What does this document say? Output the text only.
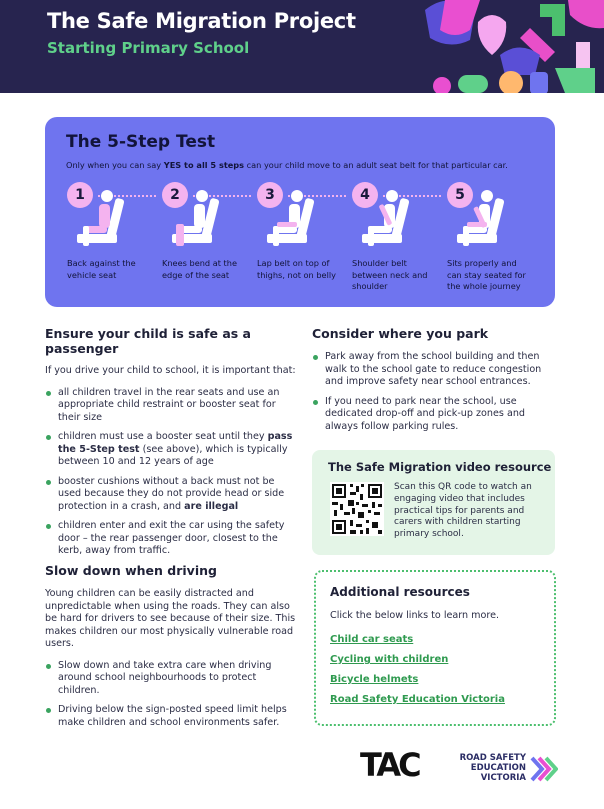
The Safe Migration Project
Starting Primary School
The 5-Step Test
Only when you can say YES to all 5 steps can your child move to an adult seat belt for that particular car.
1
Back against the vehicle seat
2
Knees bend at the edge of the seat
3
Lap belt on top of thighs, not on belly
4
Shoulder belt between neck and shoulder
5
Sits properly and can stay seated for the whole journey
Ensure your child is safe as a passenger

If you drive your child to school, it is important that:

all children travel in the rear seats and use an appropriate child restraint or booster seat for their size
children must use a booster seat until they pass the 5-Step test (see above), which is typically between 10 and 12 years of age
booster cushions without a back must not be used because they do not provide head or side protection in a crash, and are illegal
children enter and exit the car using the safety door – the rear passenger door, closest to the kerb, away from traffic.
Slow down when driving

Young children can be easily distracted and unpredictable when using the roads. They can also be hard for drivers to see because of their size. This makes children our most physically vulnerable road users.

Slow down and take extra care when driving around school neighbourhoods to protect children.
Driving below the sign-posted speed limit helps make children and school environments safer.
Consider where you park
Park away from the school building and then walk to the school gate to reduce congestion and improve safety near school entrances.
If you need to park near the school, use dedicated drop-off and pick-up zones and always follow parking rules.
The Safe Migration video resource
Scan this QR code to watch an engaging video that includes practical tips for parents and carers with children starting primary school.
Additional resources
Click the below links to learn more.
Child car seats
Cycling with children
Bicycle helmets
Road Safety Education Victoria
TAC	ROAD SAFETY
EDUCATION
VICTORIA
